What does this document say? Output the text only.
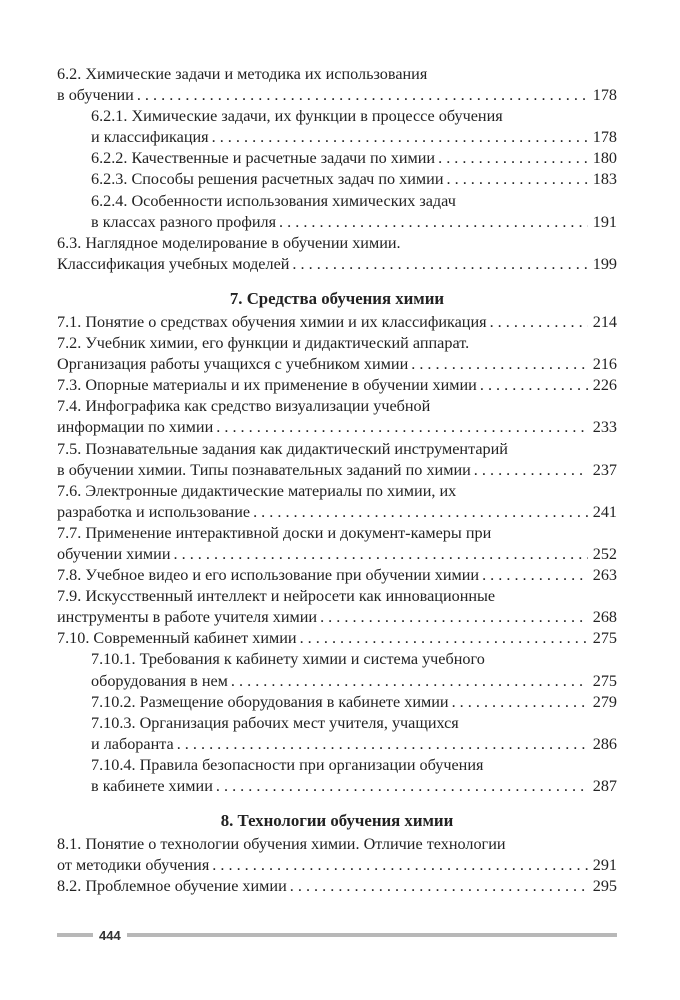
6.2. Химические задачи и методика их использования
в обучении . . .	178
6.2.1. Химические задачи, их функции в процессе обучения
и классификация . . .	178
6.2.2. Качественные и расчетные задачи по химии . . .	180
6.2.3. Способы решения расчетных задач по химии . . .	183
6.2.4. Особенности использования химических задач
в классах разного профиля . . .	191
6.3. Наглядное моделирование в обучении химии.
Классификация учебных моделей . . .	199
7. Средства обучения химии
7.1. Понятие о средствах обучения химии и их классификация . . .	214
7.2. Учебник химии, его функции и дидактический аппарат.
Организация работы учащихся с учебником химии . . .	216
7.3. Опорные материалы и их применение в обучении химии . . .	226
7.4. Инфографика как средство визуализации учебной
информации по химии . . .	233
7.5. Познавательные задания как дидактический инструментарий
в обучении химии. Типы познавательных заданий по химии . . .	237
7.6. Электронные дидактические материалы по химии, их
разработка и использование . . .	241
7.7. Применение интерактивной доски и документ-камеры при
обучении химии . . .	252
7.8. Учебное видео и его использование при обучении химии . . .	263
7.9. Искусственный интеллект и нейросети как инновационные
инструменты в работе учителя химии . . .	268
7.10. Современный кабинет химии . . .	275
7.10.1. Требования к кабинету химии и система учебного
оборудования в нем . . .	275
7.10.2. Размещение оборудования в кабинете химии . . .	279
7.10.3. Организация рабочих мест учителя, учащихся
и лаборанта . . .	286
7.10.4. Правила безопасности при организации обучения
в кабинете химии . . .	287
8. Технологии обучения химии
8.1. Понятие о технологии обучения химии. Отличие технологии
от методики обучения . . .	291
8.2. Проблемное обучение химии . . .	295
444
